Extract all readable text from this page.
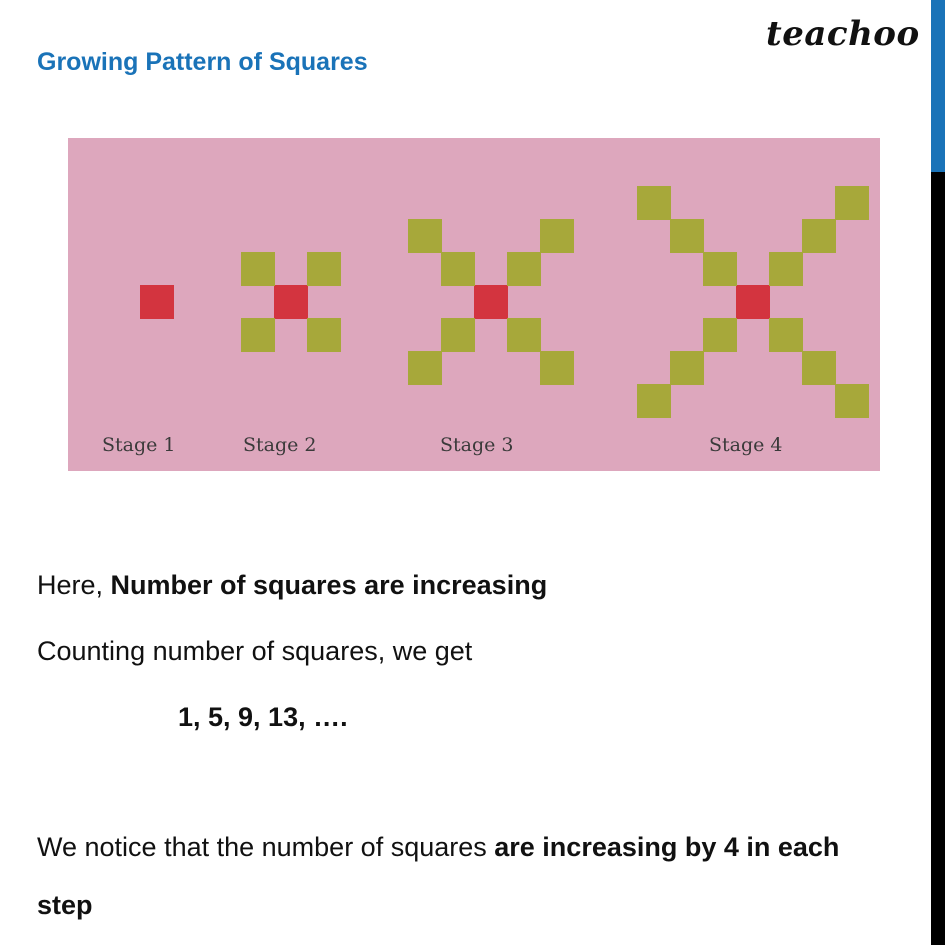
teachoo
Growing Pattern of Squares
Stage 1	Stage 2	Stage 3	Stage 4
Here, Number of squares are increasing
Counting number of squares, we get
1, 5, 9, 13, ….
We notice that the number of squares are increasing by 4 in each
step
